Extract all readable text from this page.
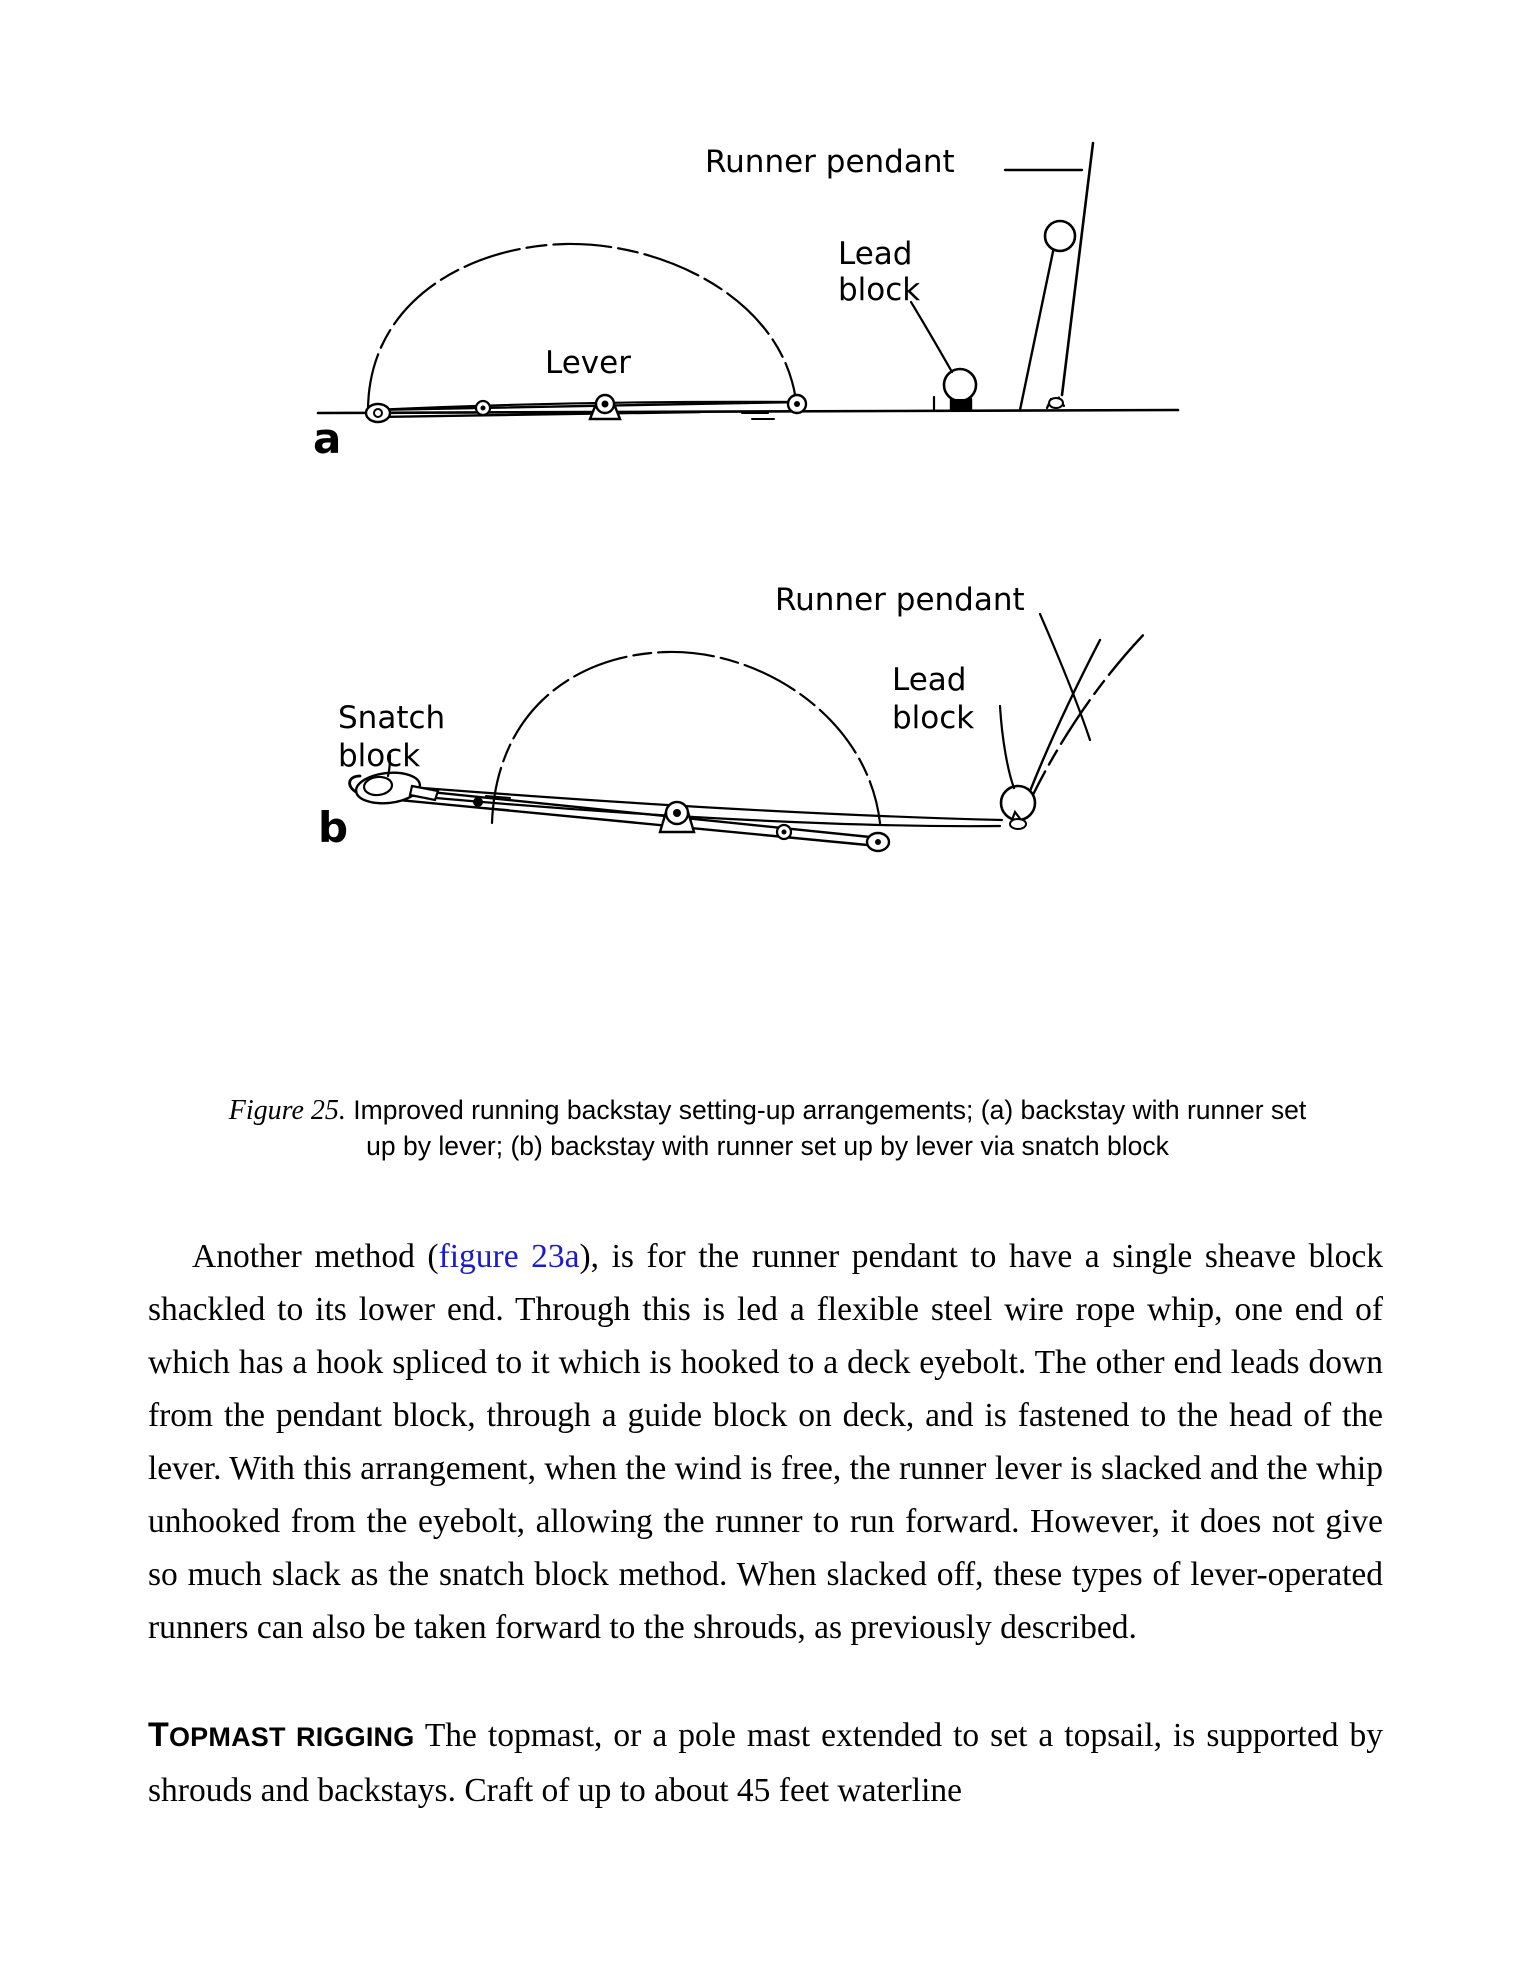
Runner pendant
Lead
block
Lever
a
Runner pendant
Lead
block
Snatch
block
b
Figure 25. Improved running backstay setting-up arrangements; (a) backstay with runner set
up by lever; (b) backstay with runner set up by lever via snatch block

Another method (figure 23a), is for the runner pendant to have a single sheave block shackled to its lower end. Through this is led a flexible steel wire rope whip, one end of which has a hook spliced to it which is hooked to a deck eyebolt. The other end leads down from the pendant block, through a guide block on deck, and is fastened to the head of the lever. With this arrangement, when the wind is free, the runner lever is slacked and the whip unhooked from the eyebolt, allowing the runner to run forward. However, it does not give so much slack as the snatch block method. When slacked off, these types of lever-operated runners can also be taken forward to the shrouds, as previously described.

TOPMAST RIGGING The topmast, or a pole mast extended to set a topsail, is supported by shrouds and backstays. Craft of up to about 45 feet waterline
